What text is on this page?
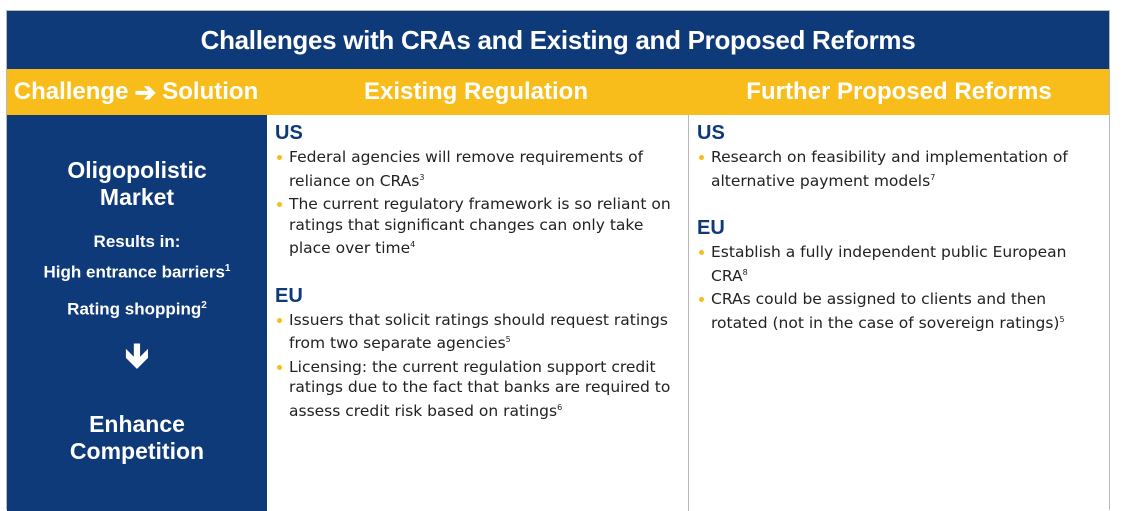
Challenges with CRAs and Existing and Proposed Reforms
Challenge ➔ Solution	Existing Regulation	Further Proposed Reforms
Oligopolistic
Market
Results in:
High entrance barriers$^1$
Rating shopping$^2$
🡻
Enhance
Competition
US
Federal agencies will remove requirements of reliance on CRAs$^3$
The current regulatory framework is so reliant on ratings that significant changes can only take place over time$^4$
EU
Issuers that solicit ratings should request ratings from two separate agencies$^5$
Licensing: the current regulation support credit ratings due to the fact that banks are required to assess credit risk based on ratings$^6$
US
Research on feasibility and implementation of alternative payment models$^7$
EU
Establish a fully independent public European CRA$^8$
CRAs could be assigned to clients and then rotated (not in the case of sovereign ratings)$^5$
